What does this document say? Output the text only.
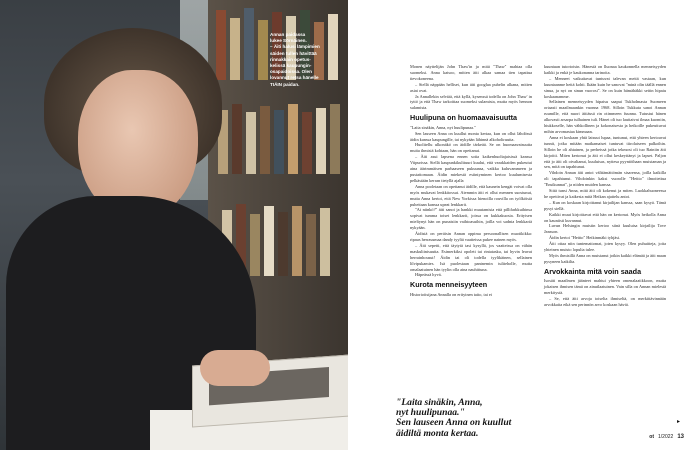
Annan paidassa
lukee Sörnäinen.
– Äiti halusi lämpimien
säiden tullen hävittää
rinnakkain opetus-
kelissä kaupungin-
osapaidoissa. Olen
lovannut retsa hänelle
TIÄIN paidan.

Monen näyttelijän John Thaw'in ja mitä "Thaw" mahtaa olla suomeksi. Anna katsoo, mitten äiti alkaa samaa tien tapattua tievokoneena.

– Siellä näppään helliset, kun äiti googlaa puhelin alkana, mitten asiat ovat.

Ja Annallekin selviää, että kyllä, kysenssä todella on John Thaw' in tyttö ja että Thaw tarkoittaa suomeksi sulamista, mutta myös hennon sulamista.

Huulipuna on huomaavaisuutta

"Laita sinäkin, Anna, nyt huulipunaa."

Sen lauseen Anna on kuullut monta kertaa, kun on ollut lähdössä äidin kanssa kaupungille, tai nykyään lähinnä alkoholiruutta.

Huolitellu ulkonäkö on äidille tärkeää. Se on huomaavaisuutta muita ihmisiä kohtaan, hän on opettanut.

– Äiti asui lapsena ennen sotia kaikenhuoltajaisissä kanssa Viipurissa. Siellä kaupunkikulttuuri kuului, että varakkaiden pukeutui aina äärimmäisen parhaaseen pukuunsa, vaikka kuluvammeen ja pustattomaan. Äidin miekestä esiintyminen kertoo kuulumisesta pelkästään kerran tietyllä ajalla

Anna pooletaan on opettanut äidille, että kaunein kengät voivat olla myös mukavat lenkkitossut. Aiemmin äiti ei ollut mennen suostunut, mutta Anna kertoi, että New Yorkissa hienoilla rouvilla on työlköisiä puheitaan kanssa upeat lenkkarit.

"Ai niinkö?" äiti sanoi ja hankki muutamisia että pillifarkkuihinsa sopivat tumma toiset lenkkarit, joissa on kukkakuosia. Erityisen mieltynyt hän on punaisiin vaihtoasuihin, joilla voi sadnia lenkkariä nykyään.

Äidistä on peräisin Annan oppima persoonallisen muotikikka: ripaus herrasumaa dandy tyyliä vaatteissa pukee nainen myös.

– Äiti sepetti, että täytyiä tasi kysyllä, jos vaatteissa on vähän maskuliinisuutta. Esimerkiksi opolett tai rintatasku, tai hyvin leavat herrainhousut! Äidin tai oli todella tyylikäinen, sellainen lilvipukamies. Isä puolestaan pantnemin tuliteholle, mutta omalaatuinen hän tyylin olla aina nauhittuna.

Häpeässä hyvä.

Kurota menneisyyteen

Historioitsijana Annalla on erityinen taito, tai ei

kuuntuan tutortoisin. Hänestä on lluonaa kaukonnella menneisyyden kaikki ja enkä je kaukonanna tarinoita.

– Menneet vaikuttavat tuntuvat talevan meitä vastaan, kun kuuntaanme heitä kohti. Ikään kuin he sanovat "minä olin täällä ennen sinua, ja nyt on sinun vuorosi". Se on kuin hämähäkki seitin hipaiu koskaanamme.

Sellainen menneisyyden hipaisu saapui Tukholmasta Suomeen ortaasti maailmaankin vuonna 1968. Silloin Tukkuta sanoi Annan ruumille, että nuori äitiässä rin otimmeen fuunna. Tutustui hänen alkovasti arsarpa tulhainen tuli. Hänet oli tuo lauttaivat ilmaa kuomiin, hiukkoselle, hän vähkollinen ja kokonaisesta ja heikoille pukeuttuvat mihin arvomastaa kimmaan.

Anna ei koskaan yhtä laisuut lupaa, tuntunut, että yhteen kertoavat tunnit, jotka mitään matkamaiset tuntuvat tiirolaiseen palkoihin. Silloin he oli ahtainen, ja perheissä jotka tekmosi oli tuo Rainiin äiti kirjoitti. Miten kertonut ja äiti ei ollut keskeyttänyt ja lapset. Paljon että jo äiti oli oivaltanut, kuuluisas, nyttesa pyyntöihaan muistaman ja sen, mitä on tapahtunut.

Vihdoin Annan äiti antoi välttämättömän sisarensa, joilla kaikilla oli tapahtunut. Vihdoinkin kaksi vuorolle "Heitto" ilmoitettua "Ensikunnat", ja niiden muiden kanssa.

Siitä tunsi Anna, mitä äiti oli kokenut ja miten. Luokkahuoneessa he opettivat ja kaikesta mitä Heikan ajattelu antoi.

– Kun on koskaan kirjoittanut kirjailijan kanssa, saan kysyä. Tämä pysyi siellä.

Kaikki muut kirjoittavat että hän on kertonut. Myös heikolla Anna on kauniisti kuvannut.

Luvun Helsingin muistin kertoo siinä kuuluisa kirjailija Tove Jansson.

Äidin kertoi "Heitto" Heikinmäki tyhjäsi.

Äiti ottaa niin tuntemattomat, joten kysyy. Olen puhuitteja, joita yhteinen muisto lopulta tulee.

Myös ihmisillä Anna on muistanut jotkin kaikki elämää ja äiti maan pysyneen kaikilta.

Arvokkainta mitä voin saada

Isosäti maailmen jäänteet mahtui yhteen omenalaatikkoon, mutta jokaisen ihmisen tämä on ainutlaatuinen. Vain silla on Annan mielestä merkitystä.

– Se, että äiti arvoja toiselta ihmiseltä, on merkittävinnään arvokkaita eikä sen perinnön arvo koskaan häviä.

"Laita sinäkin, Anna,
nyt huulipunaa."
Sen lauseen Anna on kuullut
äidiltä monta kertaa.
▸
ot 1/2022 13
